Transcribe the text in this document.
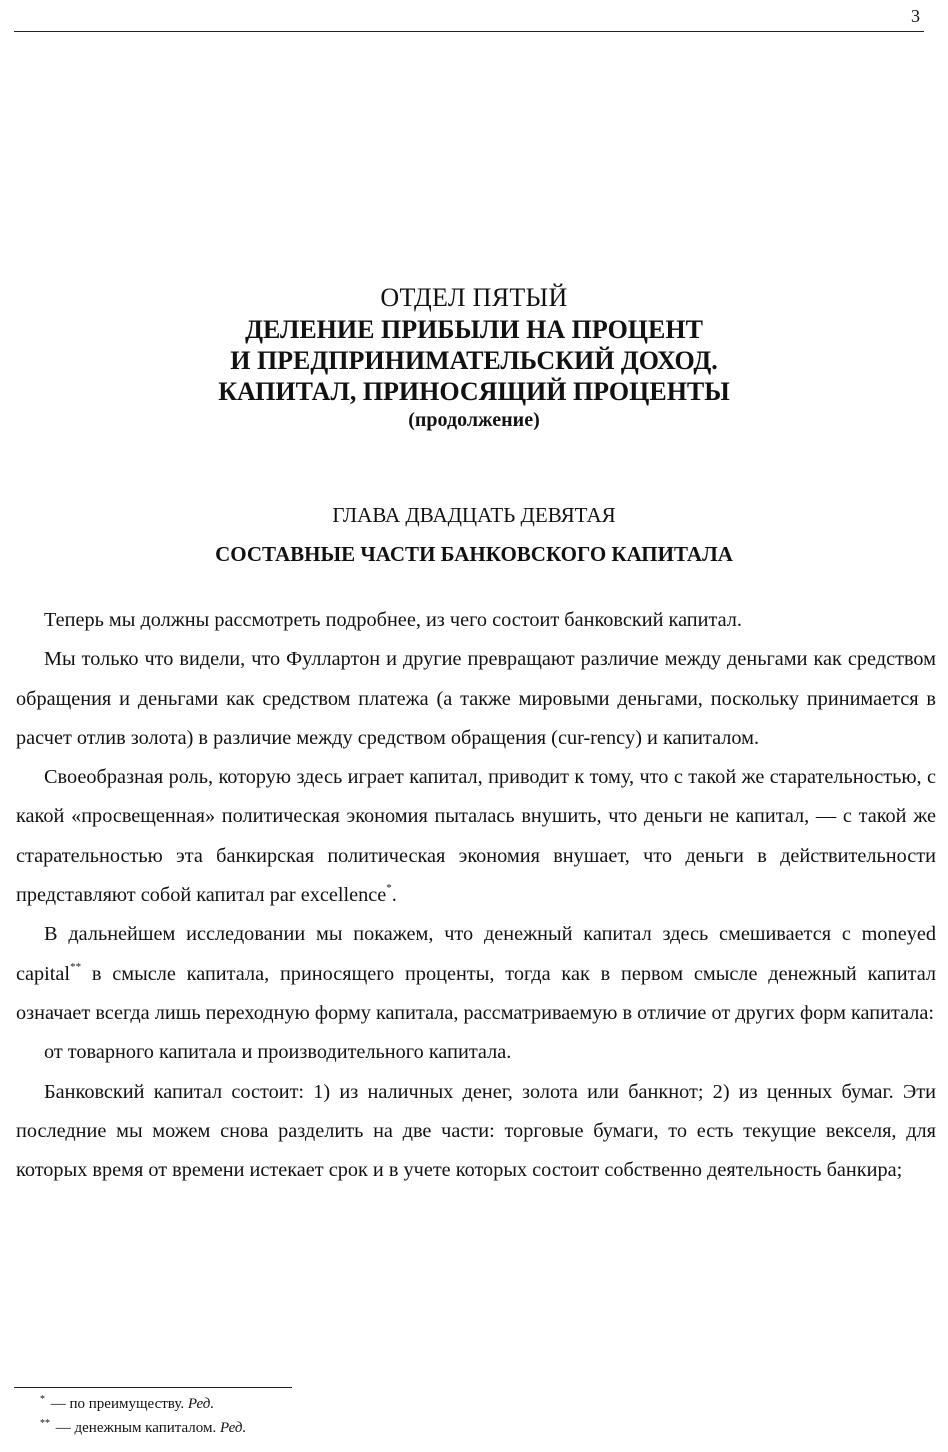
3
ОТДЕЛ ПЯТЫЙ
ДЕЛЕНИЕ ПРИБЫЛИ НА ПРОЦЕНТ
И ПРЕДПРИНИМАТЕЛЬСКИЙ ДОХОД.
КАПИТАЛ, ПРИНОСЯЩИЙ ПРОЦЕНТЫ
(продолжение)
ГЛАВА ДВАДЦАТЬ ДЕВЯТАЯ
СОСТАВНЫЕ ЧАСТИ БАНКОВСКОГО КАПИТАЛА

Теперь мы должны рассмотреть подробнее, из чего состоит банковский капитал.

Мы только что видели, что Фуллартон и другие превращают различие между деньгами как средством обращения и деньгами как средством платежа (а также мировыми деньгами, поскольку принимается в расчет отлив золота) в различие между средством обращения (cur-rency) и капиталом.

Своеобразная роль, которую здесь играет капитал, приводит к тому, что с такой же старательностью, с какой «просвещенная» политическая экономия пыталась внушить, что деньги не капитал, — с такой же старательностью эта банкирская политическая экономия внушает, что деньги в действительности представляют собой капитал par excellence*.

В дальнейшем исследовании мы покажем, что денежный капитал здесь смешивается с moneyed capital** в смысле капитала, приносящего проценты, тогда как в первом смысле денежный капитал означает всегда лишь переходную форму капитала, рассматриваемую в отличие от других форм капитала:

от товарного капитала и производительного капитала.

Банковский капитал состоит: 1) из наличных денег, золота или банкнот; 2) из ценных бумаг. Эти последние мы можем снова разделить на две части: торговые бумаги, то есть текущие векселя, для которых время от времени истекает срок и в учете которых состоит собственно деятельность банкира;

* — по преимуществу. Ред.
** — денежным капиталом. Ред.
